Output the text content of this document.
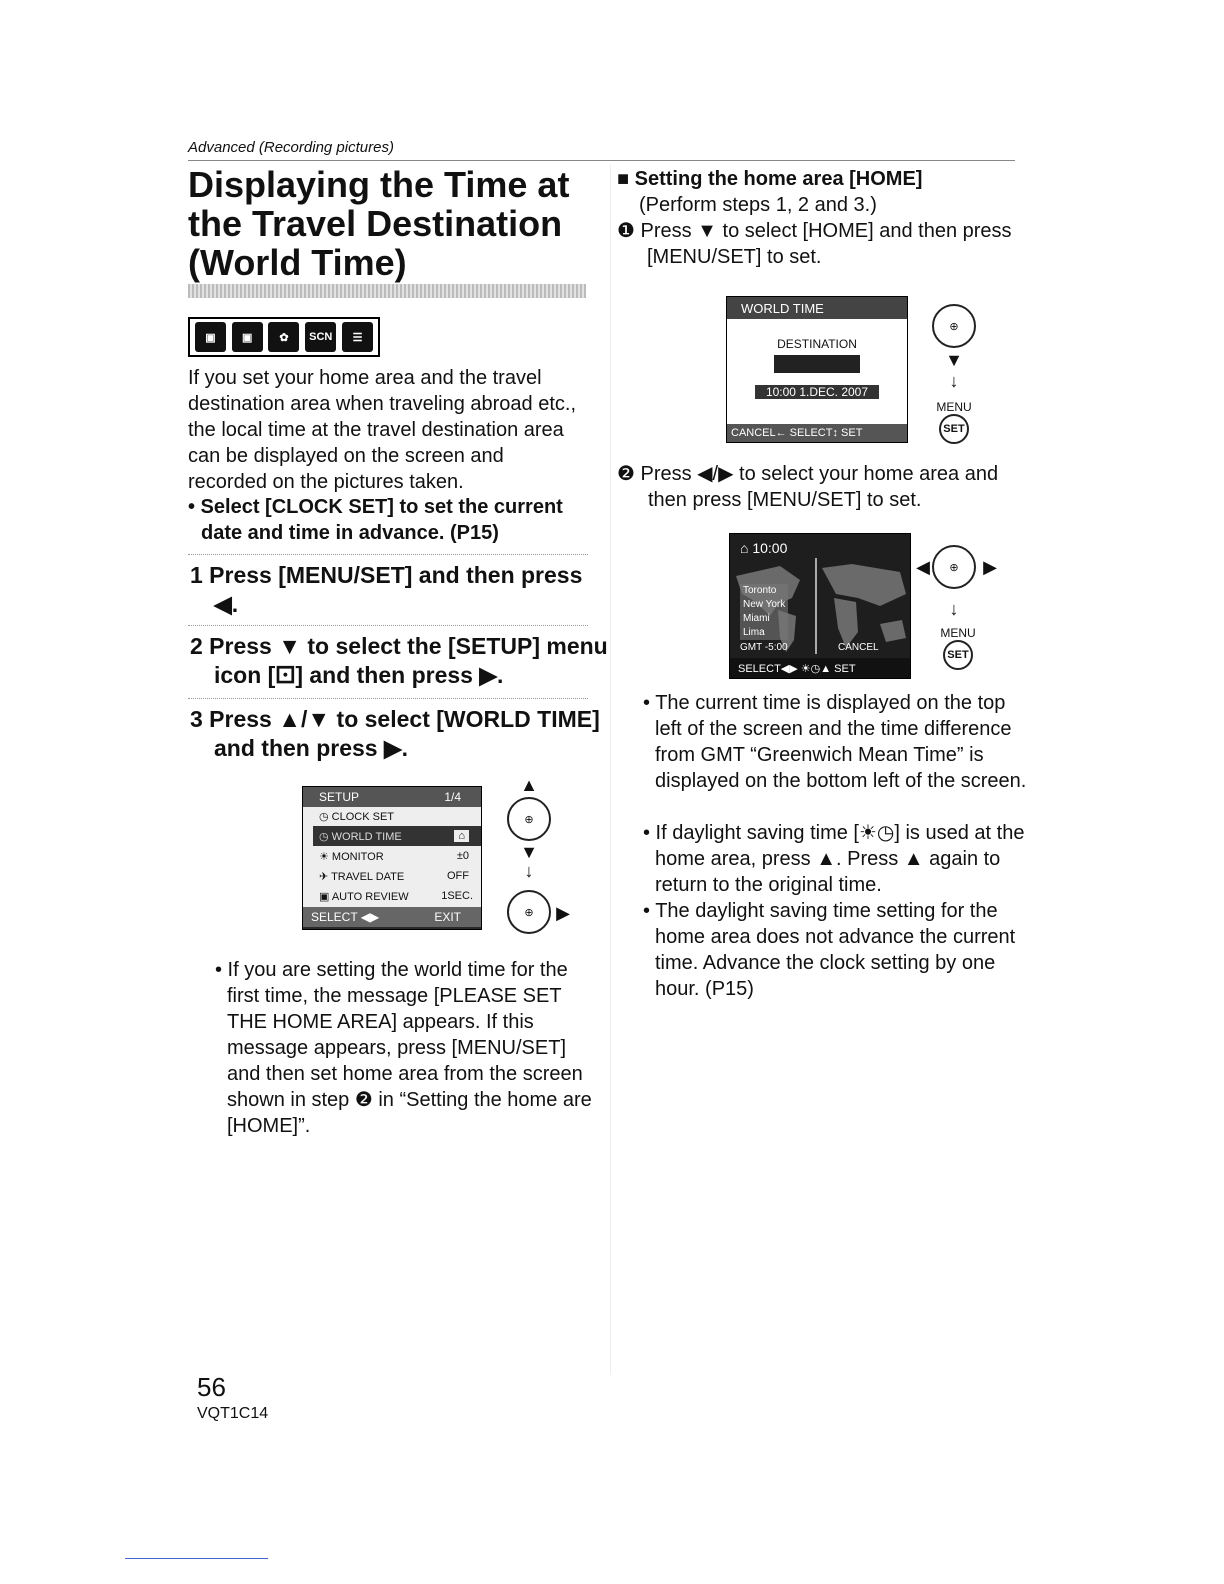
Advanced (Recording pictures)
Displaying the Time at the Travel Destination (World Time)
▣	▣	✿	SCN	☰
If you set your home area and the travel destination area when traveling abroad etc., the local time at the travel destination area can be displayed on the screen and recorded on the pictures taken.
• Select [CLOCK SET] to set the current date and time in advance. (P15)
1 Press [MENU/SET] and then press ◀.
2 Press ▼ to select the [SETUP] menu icon [⚀] and then press ▶.
3 Press ▲/▼ to select [WORLD TIME] and then press ▶.
SETUP	1/4
◷ CLOCK SET
◷ WORLD TIME	⌂
☀ MONITOR	±0
✈ TRAVEL DATE	OFF
▣ AUTO REVIEW	1SEC.
SELECT ◀▶	EXIT
▲
⊕
▼
↓
⊕	▶
• If you are setting the world time for the first time, the message [PLEASE SET THE HOME AREA] appears. If this message appears, press [MENU/SET] and then set home area from the screen shown in step ❷ in “Setting the home are [HOME]”.
■ Setting the home area [HOME]
(Perform steps 1, 2 and 3.)
❶ Press ▼ to select [HOME] and then press [MENU/SET] to set.
WORLD TIME
DESTINATION
10:00 1.DEC. 2007
CANCEL← SELECT↕ SET
⊕
▼
↓
MENU
SET
❷ Press ◀/▶ to select your home area and then press [MENU/SET] to set.
⌂ 10:00
Toronto
New York
Miami
Lima
GMT -5:00	CANCEL
SELECT◀▶ ☀◷▲ SET
◀	⊕	▶
↓
MENU
SET
• The current time is displayed on the top left of the screen and the time difference from GMT “Greenwich Mean Time” is displayed on the bottom left of the screen.
• If daylight saving time [☀◷] is used at the home area, press ▲. Press ▲ again to return to the original time.
• The daylight saving time setting for the home area does not advance the current time. Advance the clock setting by one hour. (P15)
56
VQT1C14
